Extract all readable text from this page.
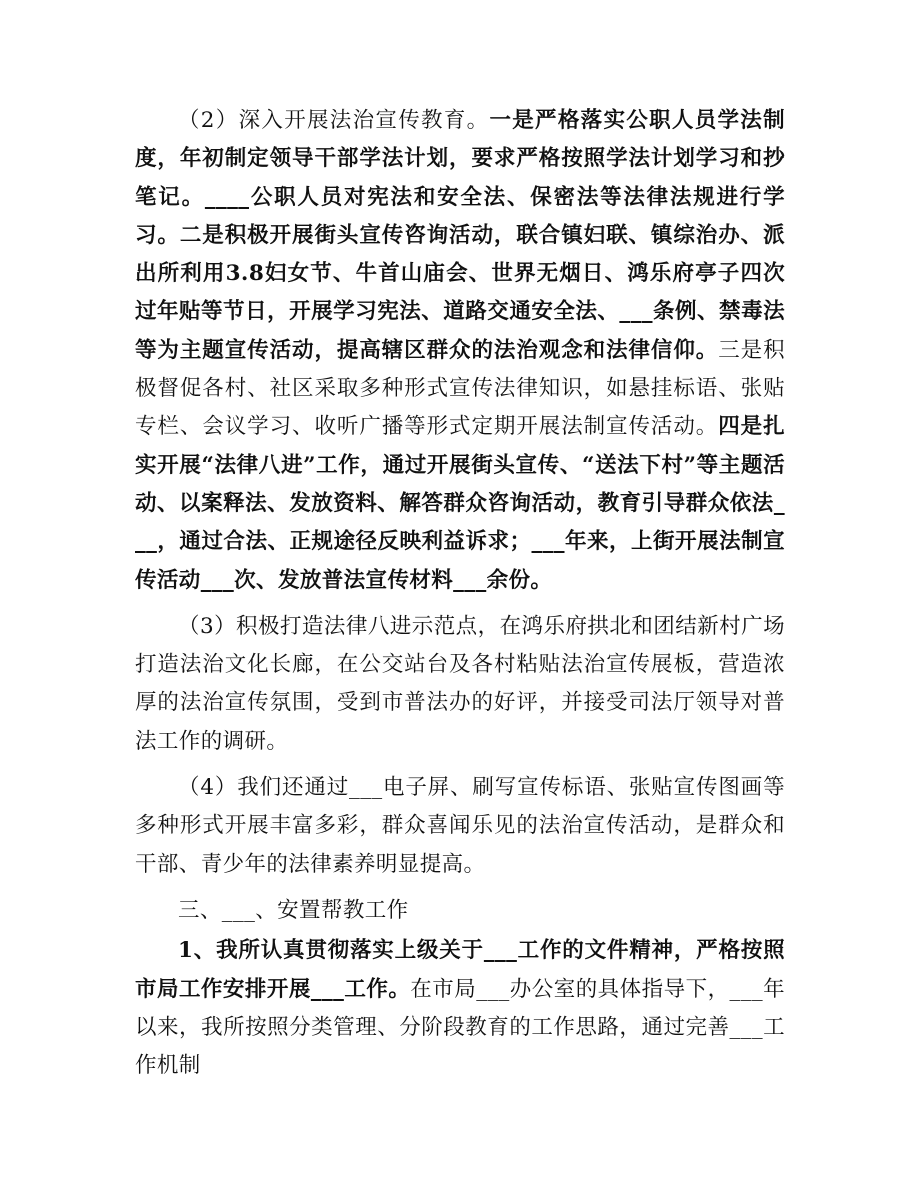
（2）深入开展法治宣传教育。一是严格落实公职人员学法制度，年初制定领导干部学法计划，要求严格按照学法计划学习和抄笔记。____公职人员对宪法和安全法、保密法等法律法规进行学习。二是积极开展街头宣传咨询活动，联合镇妇联、镇综治办、派出所利用3.8妇女节、牛首山庙会、世界无烟日、鸿乐府亭子四次过年贴等节日，开展学习宪法、道路交通安全法、___条例、禁毒法等为主题宣传活动，提高辖区群众的法治观念和法律信仰。三是积极督促各村、社区采取多种形式宣传法律知识，如悬挂标语、张贴专栏、会议学习、收听广播等形式定期开展法制宣传活动。四是扎实开展“法律八进”工作，通过开展街头宣传、“送法下村”等主题活动、以案释法、发放资料、解答群众咨询活动，教育引导群众依法___，通过合法、正规途径反映利益诉求；___年来，上街开展法制宣传活动___次、发放普法宣传材料___余份。

（3）积极打造法律八进示范点，在鸿乐府拱北和团结新村广场打造法治文化长廊，在公交站台及各村粘贴法治宣传展板，营造浓厚的法治宣传氛围，受到市普法办的好评，并接受司法厅领导对普法工作的调研。

（4）我们还通过___电子屏、刷写宣传标语、张贴宣传图画等多种形式开展丰富多彩，群众喜闻乐见的法治宣传活动，是群众和干部、青少年的法律素养明显提高。

三、___、安置帮教工作

1、我所认真贯彻落实上级关于___工作的文件精神，严格按照市局工作安排开展___工作。在市局___办公室的具体指导下，___年以来，我所按照分类管理、分阶段教育的工作思路，通过完善___工作机制
